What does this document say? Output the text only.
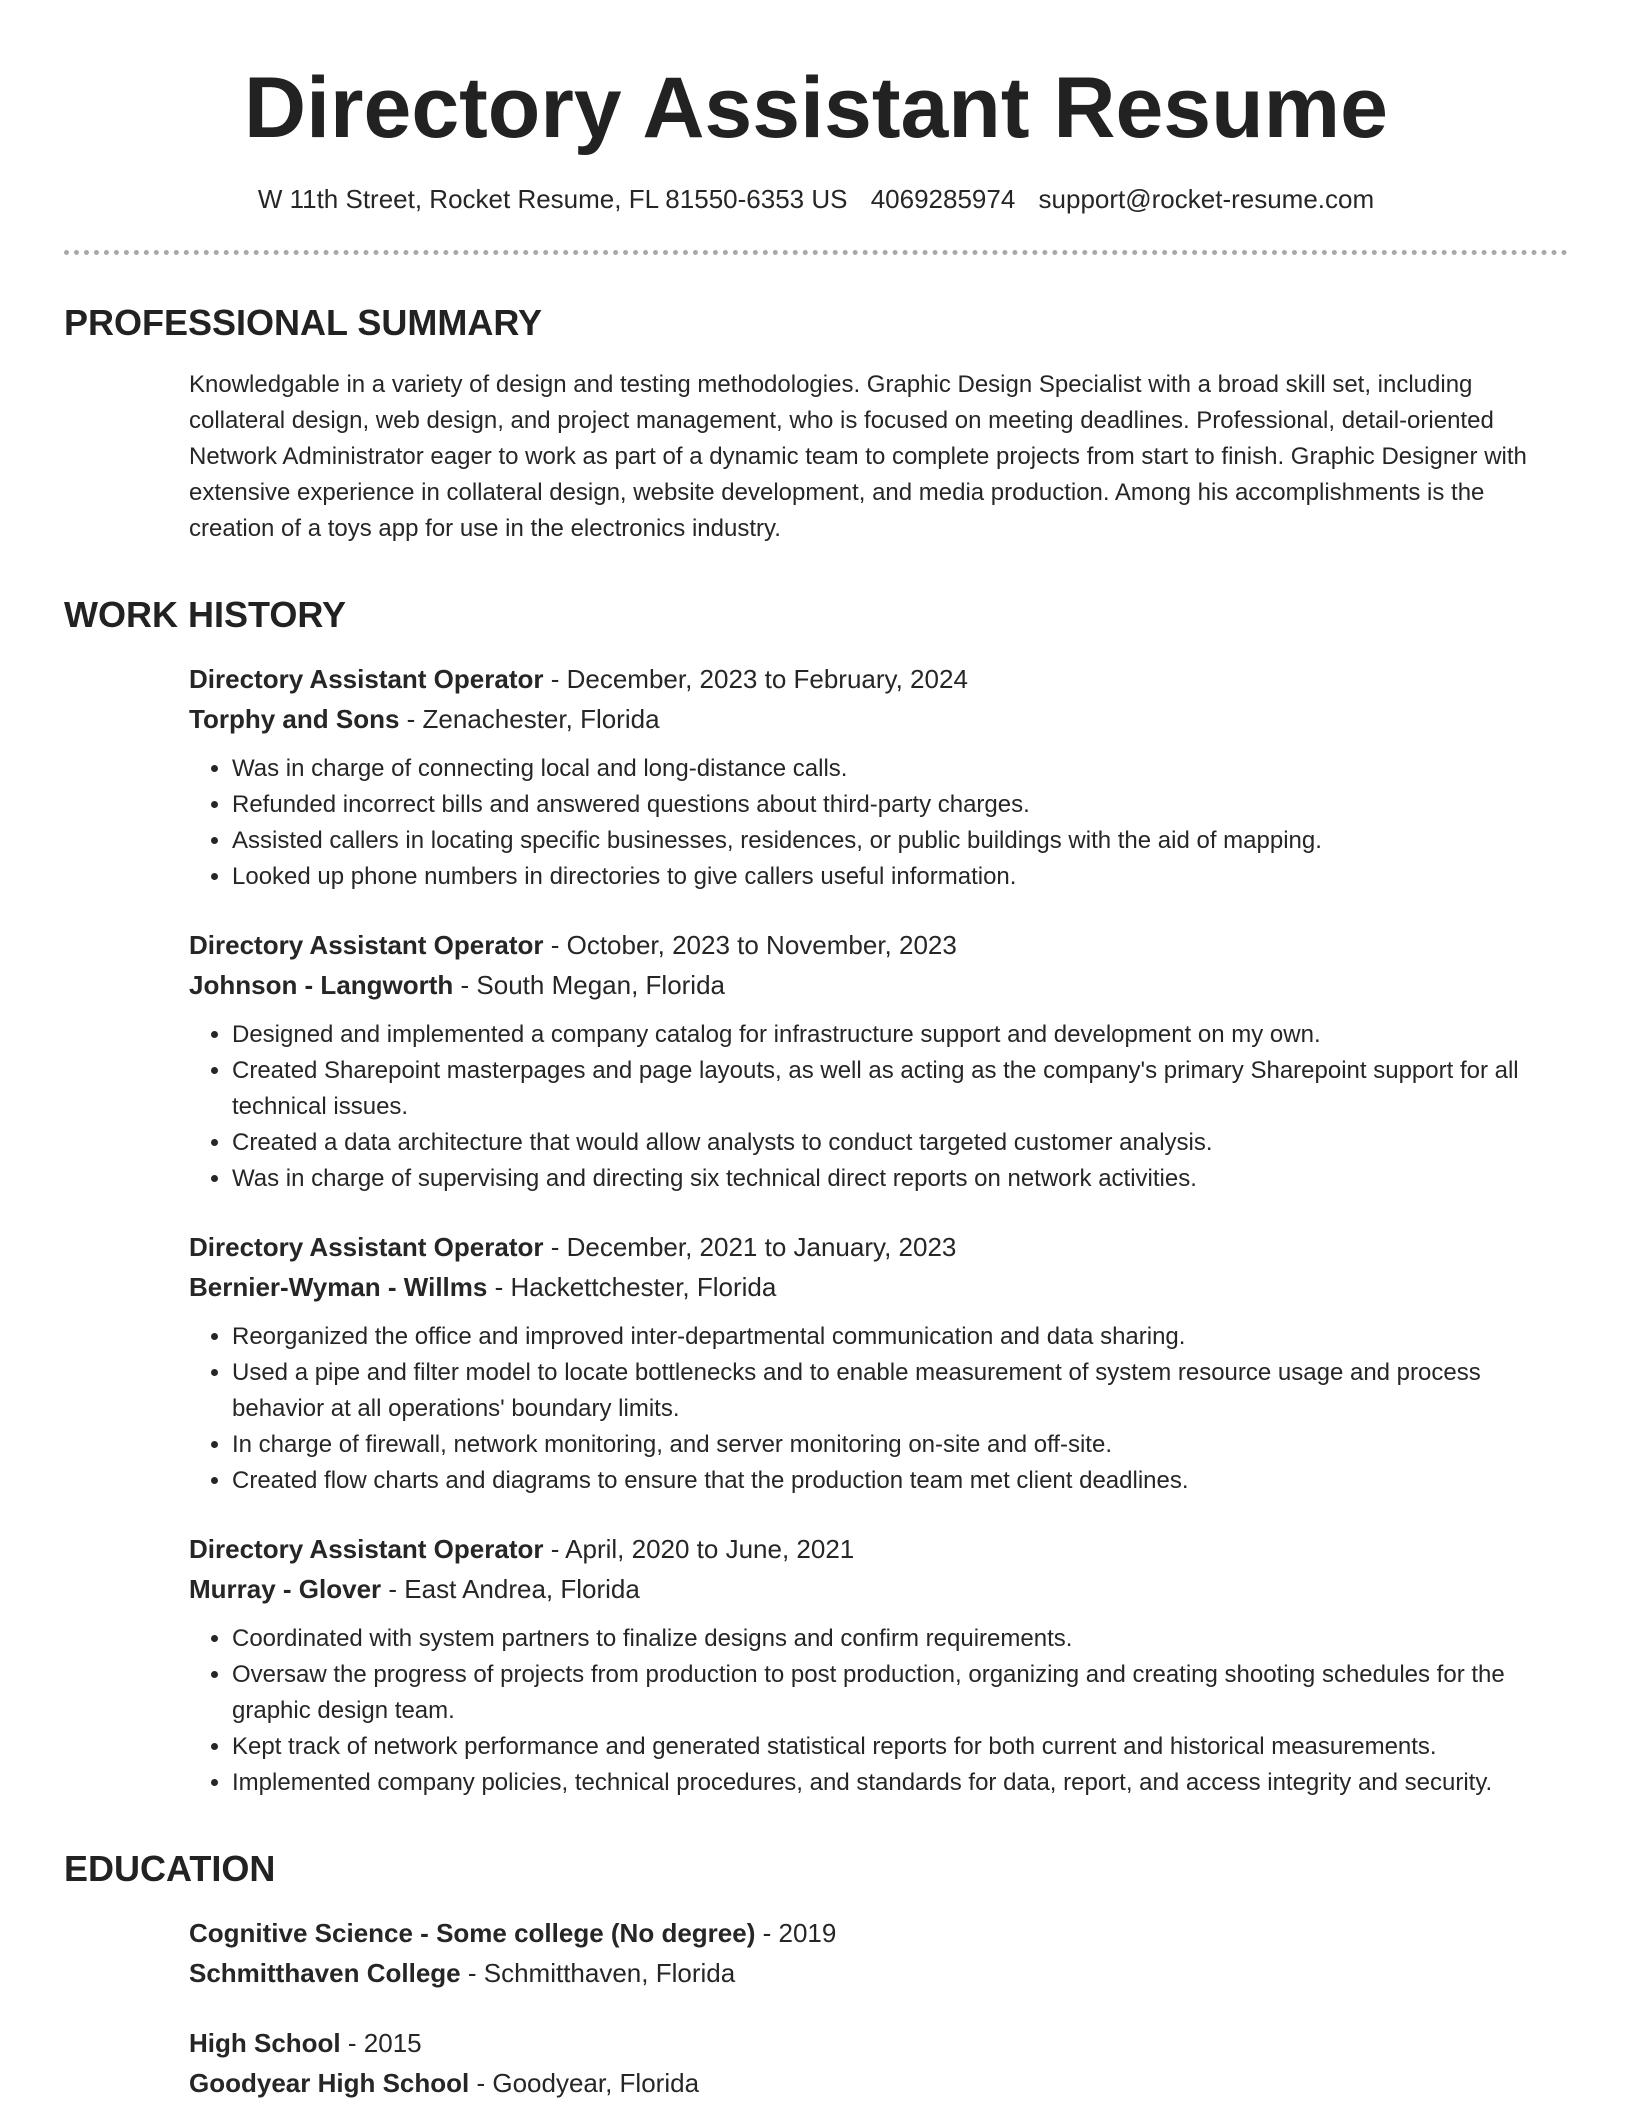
Directory Assistant Resume
W 11th Street, Rocket Resume, FL 81550-6353 US 4069285974 support@rocket-resume.com
PROFESSIONAL SUMMARY
Knowledgable in a variety of design and testing methodologies. Graphic Design Specialist with a broad skill set, including collateral design, web design, and project management, who is focused on meeting deadlines. Professional, detail-oriented Network Administrator eager to work as part of a dynamic team to complete projects from start to finish. Graphic Designer with extensive experience in collateral design, website development, and media production. Among his accomplishments is the creation of a toys app for use in the electronics industry.
WORK HISTORY
Directory Assistant Operator - December, 2023 to February, 2024
Torphy and Sons - Zenachester, Florida
• Was in charge of connecting local and long-distance calls.
• Refunded incorrect bills and answered questions about third-party charges.
• Assisted callers in locating specific businesses, residences, or public buildings with the aid of mapping.
• Looked up phone numbers in directories to give callers useful information.
Directory Assistant Operator - October, 2023 to November, 2023
Johnson - Langworth - South Megan, Florida
• Designed and implemented a company catalog for infrastructure support and development on my own.
• Created Sharepoint masterpages and page layouts, as well as acting as the company's primary Sharepoint support for all technical issues.
• Created a data architecture that would allow analysts to conduct targeted customer analysis.
• Was in charge of supervising and directing six technical direct reports on network activities.
Directory Assistant Operator - December, 2021 to January, 2023
Bernier-Wyman - Willms - Hackettchester, Florida
• Reorganized the office and improved inter-departmental communication and data sharing.
• Used a pipe and filter model to locate bottlenecks and to enable measurement of system resource usage and process behavior at all operations' boundary limits.
• In charge of firewall, network monitoring, and server monitoring on-site and off-site.
• Created flow charts and diagrams to ensure that the production team met client deadlines.
Directory Assistant Operator - April, 2020 to June, 2021
Murray - Glover - East Andrea, Florida
• Coordinated with system partners to finalize designs and confirm requirements.
• Oversaw the progress of projects from production to post production, organizing and creating shooting schedules for the graphic design team.
• Kept track of network performance and generated statistical reports for both current and historical measurements.
• Implemented company policies, technical procedures, and standards for data, report, and access integrity and security.
EDUCATION
Cognitive Science - Some college (No degree) - 2019
Schmitthaven College - Schmitthaven, Florida
High School - 2015
Goodyear High School - Goodyear, Florida
